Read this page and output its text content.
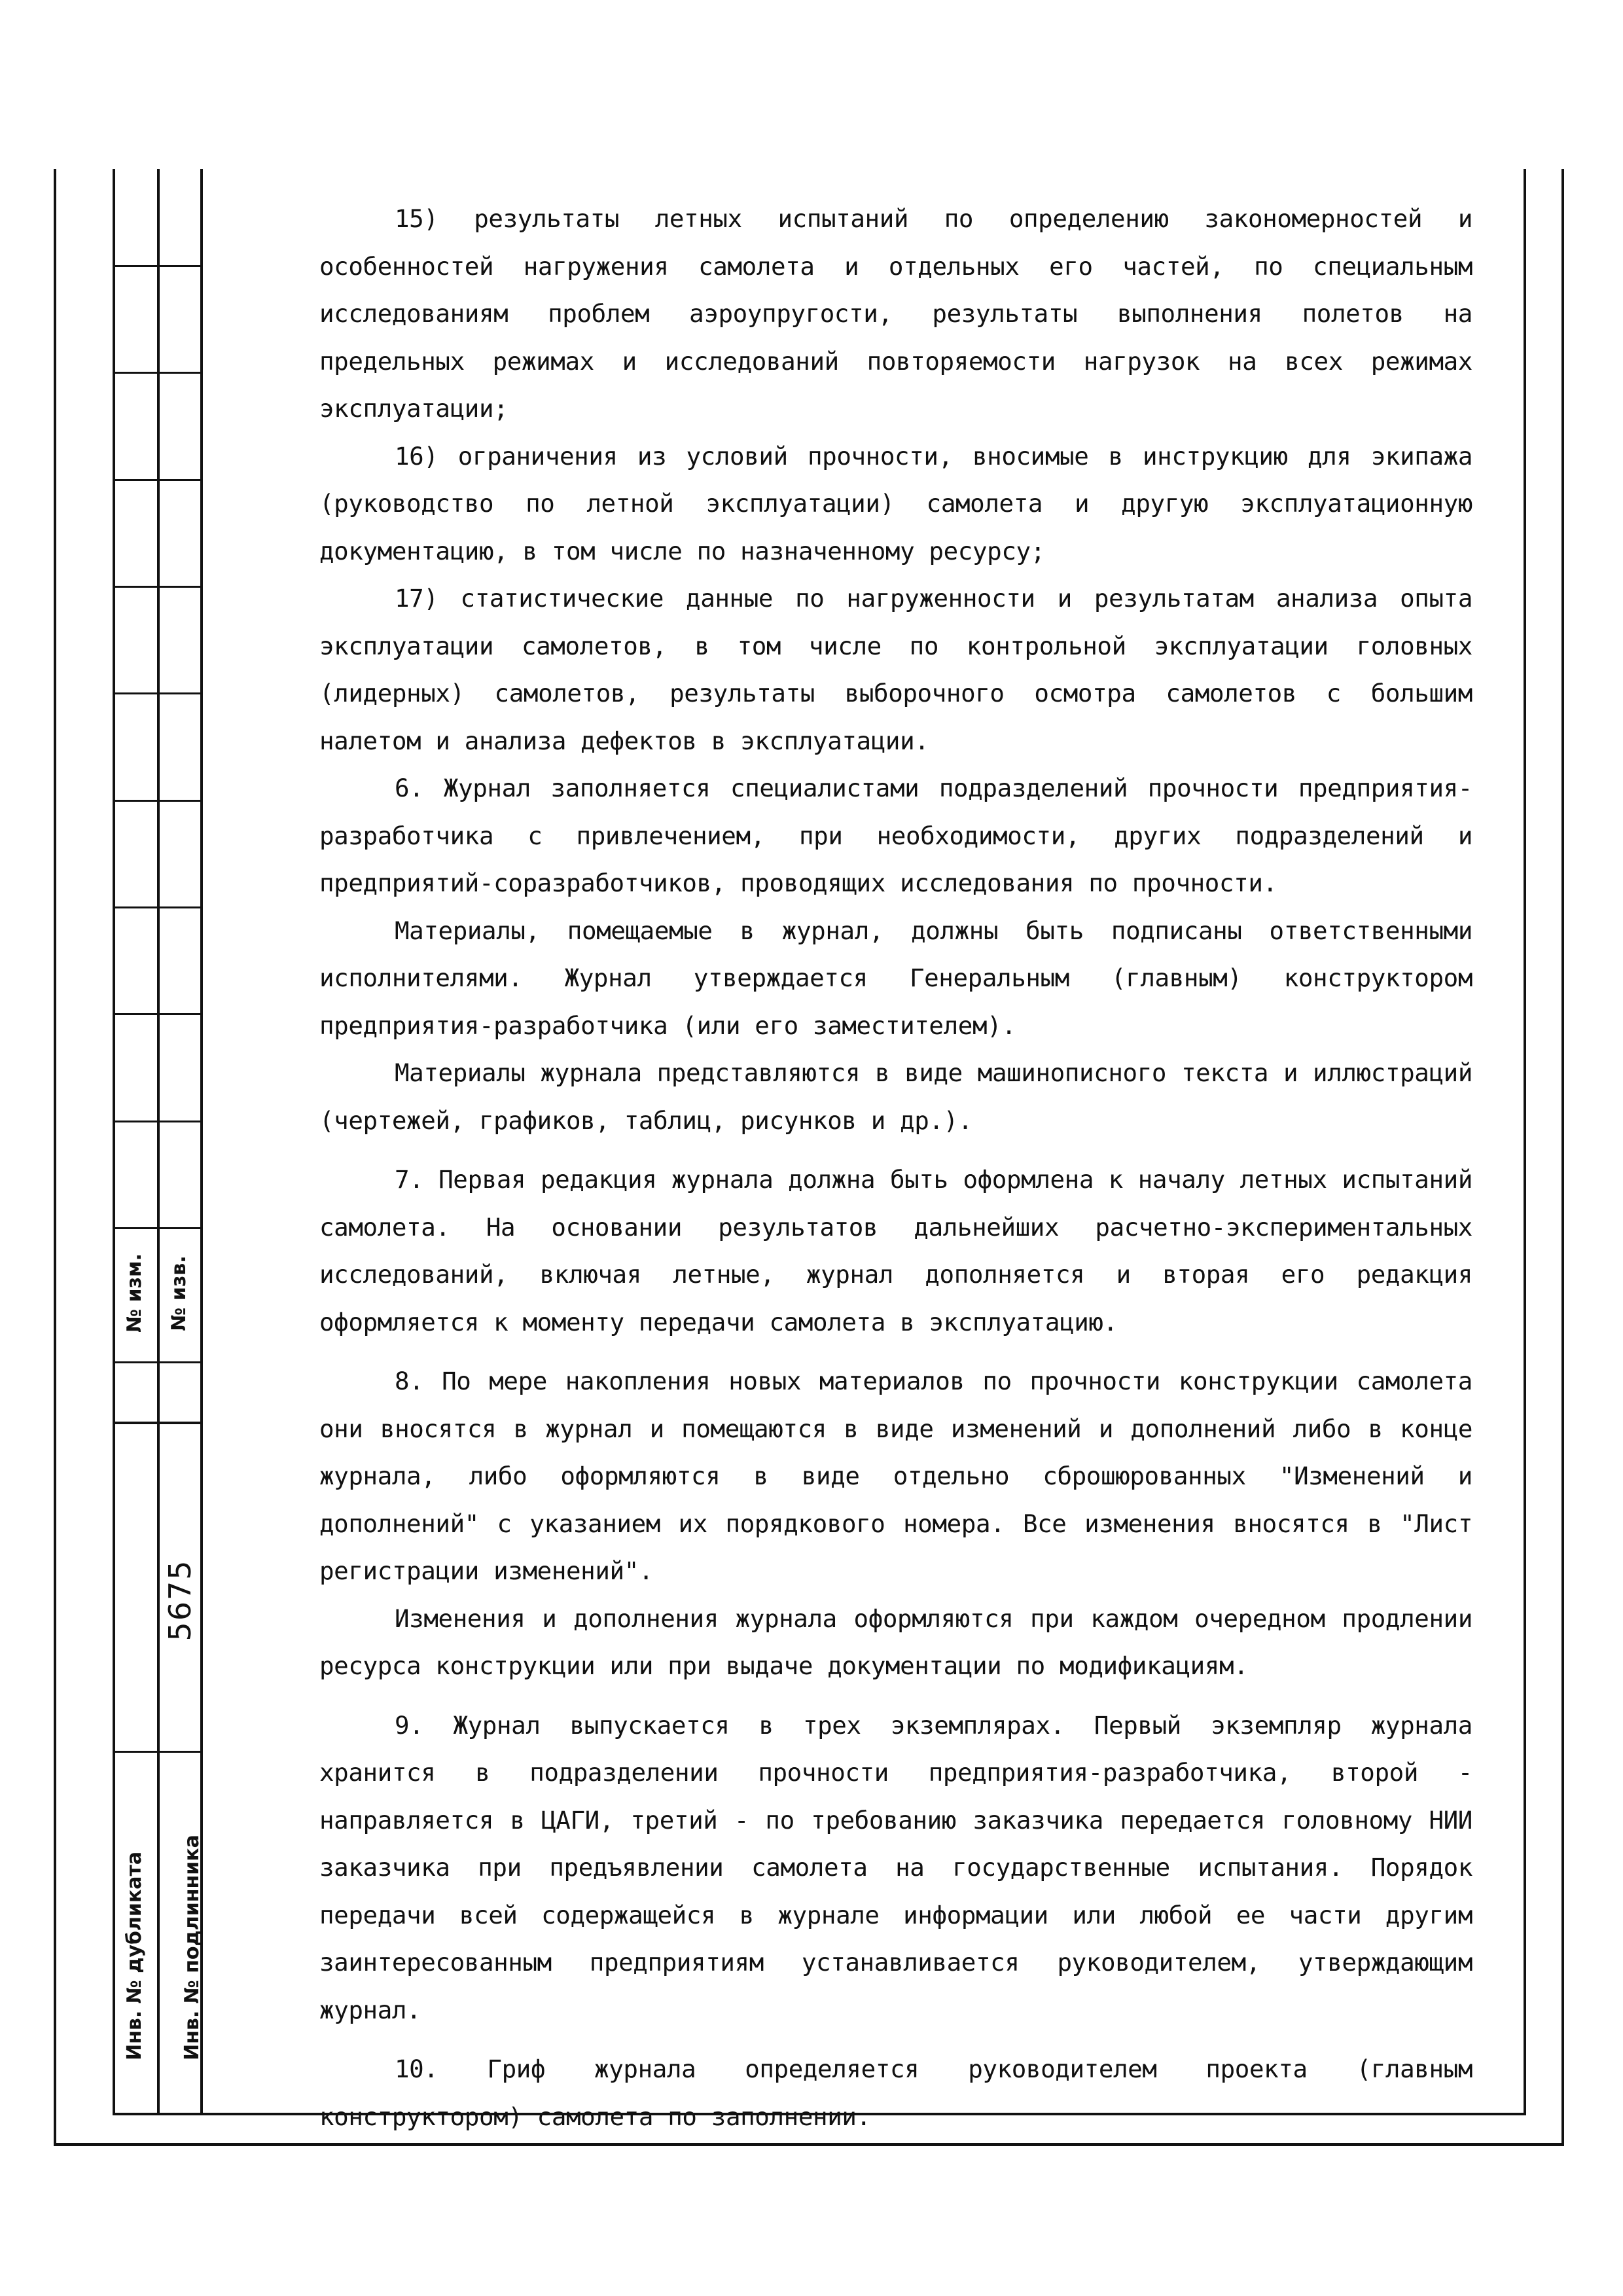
№ изм. № изв.
5675
Инв. № дубликата Инв. № подлинника

15) результаты летных испытаний по определению закономерностей и особенностей нагружения самолета и отдельных его частей, по специальным исследованиям проблем аэроупругости, результаты выполнения полетов на предельных режимах и исследований повторяемости нагрузок на всех режимах эксплуатации;

16) ограничения из условий прочности, вносимые в инструкцию для экипажа (руководство по летной эксплуатации) самолета и другую эксплуатационную документацию, в том числе по назначенному ресурсу;

17) статистические данные по нагруженности и результатам анализа опыта эксплуатации самолетов, в том числе по контрольной эксплуатации головных (лидерных) самолетов, результаты выборочного осмотра самолетов с большим налетом и анализа дефектов в эксплуатации.

6. Журнал заполняется специалистами подразделений прочности предприятия-разработчика с привлечением, при необходимости, других подразделений и предприятий-соразработчиков, проводящих исследования по прочности.

Материалы, помещаемые в журнал, должны быть подписаны ответственными исполнителями. Журнал утверждается Генеральным (главным) конструктором предприятия-разработчика (или его заместителем).

Материалы журнала представляются в виде машинописного текста и иллюстраций (чертежей, графиков, таблиц, рисунков и др.).

7. Первая редакция журнала должна быть оформлена к началу летных испытаний самолета. На основании результатов дальнейших расчетно-экспериментальных исследований, включая летные, журнал дополняется и вторая его редакция оформляется к моменту передачи самолета в эксплуатацию.

8. По мере накопления новых материалов по прочности конструкции самолета они вносятся в журнал и помещаются в виде изменений и дополнений либо в конце журнала, либо оформляются в виде отдельно сброшюрованных "Изменений и дополнений" с указанием их порядкового номера. Все изменения вносятся в "Лист регистрации изменений".

Изменения и дополнения журнала оформляются при каждом очередном продлении ресурса конструкции или при выдаче документации по модификациям.

9. Журнал выпускается в трех экземплярах. Первый экземпляр журнала хранится в подразделении прочности предприятия-разработчика, второй - направляется в ЦАГИ, третий - по требованию заказчика передается головному НИИ заказчика при предъявлении самолета на государственные испытания. Порядок передачи всей содержащейся в журнале информации или любой ее части другим заинтересованным предприятиям устанавливается руководителем, утверждающим журнал.

10. Гриф журнала определяется руководителем проекта (главным конструктором) самолета по заполнении.
